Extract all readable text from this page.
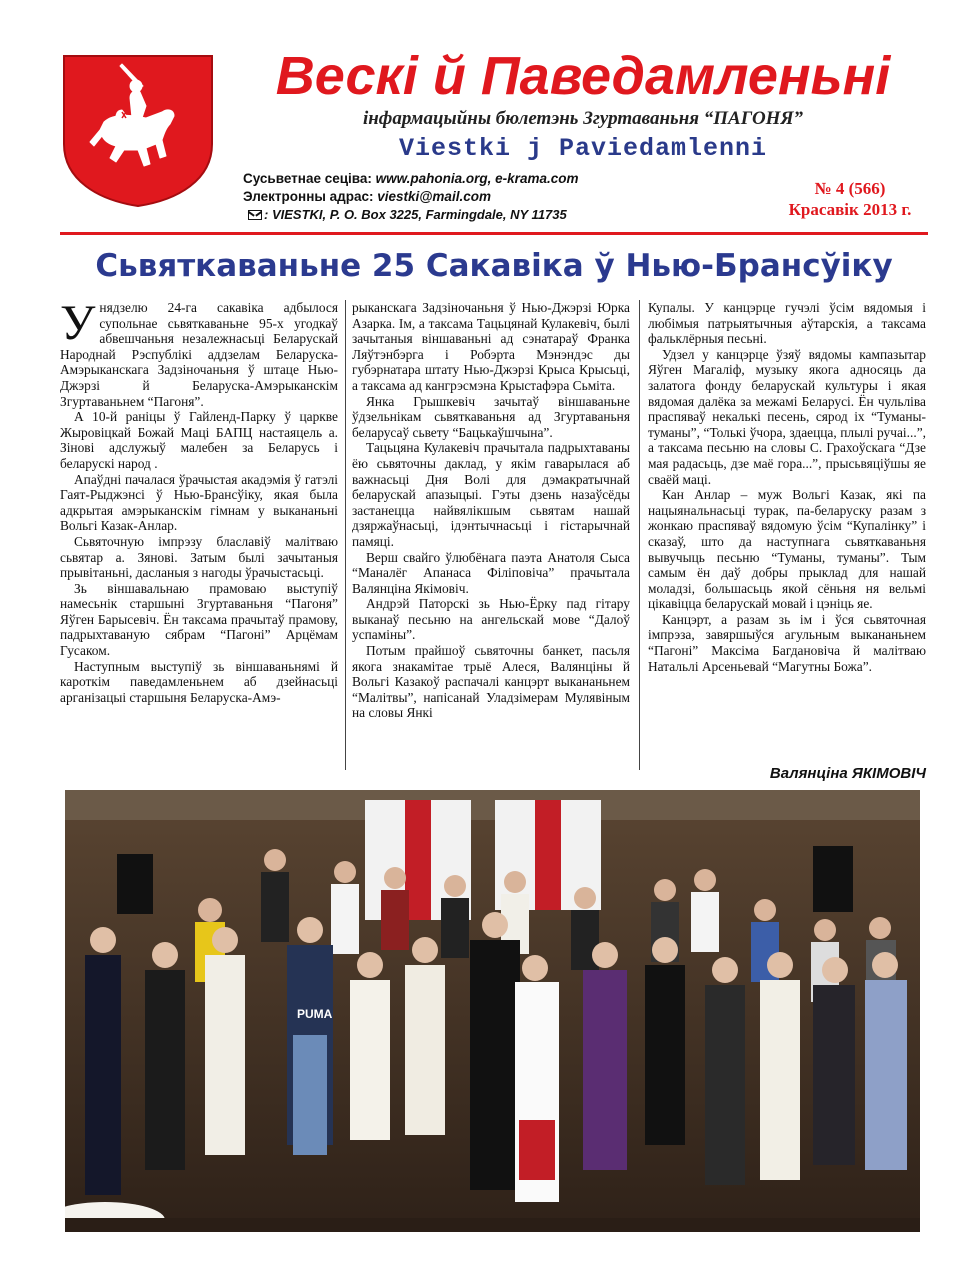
Вескі й Паведамленьні
інфармацыйны бюлетэнь Згуртаваньня “ПАГОНЯ”
Viestki j Paviedamlenni
Сусьветнае сеціва: www.pahonia.org, e-krama.com
Электронны адрас: viestki@mail.com
: VIESTKI, P. O. Box 3225, Farmingdale, NY 11735
№ 4 (566)
Красавік 2013 г.
Сьвяткаваньне 25 Сакавіка ў Нью-Брансўіку

Унядзелю 24-га сакавіка адбылося супольнае сьвяткаваньне 95-х угодкаў абвешчаньня незалежнасьці Беларускай Народнай Рэспублікі аддзелам Беларуска-Амэрыканскага Задзіночаньня ў штаце Нью-Джэрзі й Беларуска-Амэрыканскім Згуртаваньнем “Пагоня”.

А 10-й раніцы ў Гайленд-Парку ў царкве Жыровіцкай Божай Маці БАПЦ настаяцель а. Зінові адслужыў малебен за Беларусь і беларускі народ .

Апаўдні пачалася ўрачыстая акадэмія ў гатэлі Гаят-Рыджэнсі ў Нью-Брансўіку, якая была адкрытая амэрыканскім гімнам у выкананьні Вольгі Казак-Анлар.

Сьвяточную імпрэзу блаславіў малітваю сьвятар а. Зянові. Затым былі зачытаныя прывітаньні, дасланыя з нагоды ўрачыстасьці.

Зь віншавальнаю прамоваю выступіў намесьнік старшыні Згуртаваньня “Пагоня” Яўген Барысевіч. Ён таксама прачытаў прамову, падрыхтаваную сябрам “Пагоні” Арцёмам Гусаком.

Наступным выступіў зь віншаваньнямі й кароткім паведамленьнем аб дзейнасьці арганізацыі старшыня Беларуска-Амэ-

рыканскага Задзіночаньня ў Нью-Джэрзі Юрка Азарка. Ім, а таксама Тацьцянай Кулакевіч, былі зачытаныя віншаваньні ад сэнатараў Франка Ляўтэнбэрга і Робэрта Мэнэндэс ды губэрнатара штату Нью-Джэрзі Крыса Крысьці, а таксама ад кангрэсмэна Крыстафэра Сьміта.

Янка Грышкевіч зачытаў віншаваньне ўдзельнікам сьвяткаваньня ад Згуртаваньня беларусаў сьвету “Бацькаўшчына”.

Тацьцяна Кулакевіч прачытала падрыхтаваны ёю сьвяточны даклад, у якім гаварылася аб важнасьці Дня Волі для дэмакратычнай беларускай апазыцыі. Гэты дзень назаўсёды застанецца найвялікшым сьвятам нашай дзяржаўнасьці, ідэнтычнасьці і гістарычнай памяці.

Верш свайго ўлюбёнага паэта Анатоля Сыса “Маналёг Апанаса Філіповіча” прачытала Валянціна Якімовіч.

Андрэй Паторскі зь Нью-Ёрку пад гітару выканаў песьню на ангельскай мове “Далоў успаміны”.

Потым прайшоў сьвяточны банкет, пасьля якога знакамітае трыё Алеся, Валянціны й Вольгі Казакоў распачалі канцэрт выкананьнем “Малітвы”, напісанай Уладзімерам Мулявіным на словы Янкі

Купалы. У канцэрце гучэлі ўсім вядомыя і любімыя патрыятычныя аўтарскія, а таксама фальклёрныя песьні.

Удзел у канцэрце ўзяў вядомы кампазытар Яўген Магаліф, музыку якога адносяць да залатога фонду беларускай культуры і якая вядомая далёка за межамі Беларусі. Ён чульліва праспяваў некалькі песень, сярод іх “Туманы-туманы”, “Толькі ўчора, здаецца, плылі ручаі...”, а таксама песьню на словы С. Грахоўскага “Дзе мая радасьць, дзе маё гора...”, прысьвяціўшы яе сваёй маці.

Кан Анлар – муж Вольгі Казак, які па нацыянальнасьці турак, па-беларуску разам з жонкаю праспяваў вядомую ўсім “Купалінку” і сказаў, што да наступнага сьвяткаваньня вывучыць песьню “Туманы, туманы”. Тым самым ён даў добры прыклад для нашай моладзі, большасьць якой сёньня ня вельмі цікавіцца беларускай мовай і цэніць яе.

Канцэрт, а разам зь ім і ўся сьвяточная імпрэза, завяршыўся агульным выкананьнем “Пагоні” Максіма Багдановіча й малітваю Натальлі Арсеньевай “Магутны Божа”.

Валянціна ЯКІМОВІЧ
PUMA
